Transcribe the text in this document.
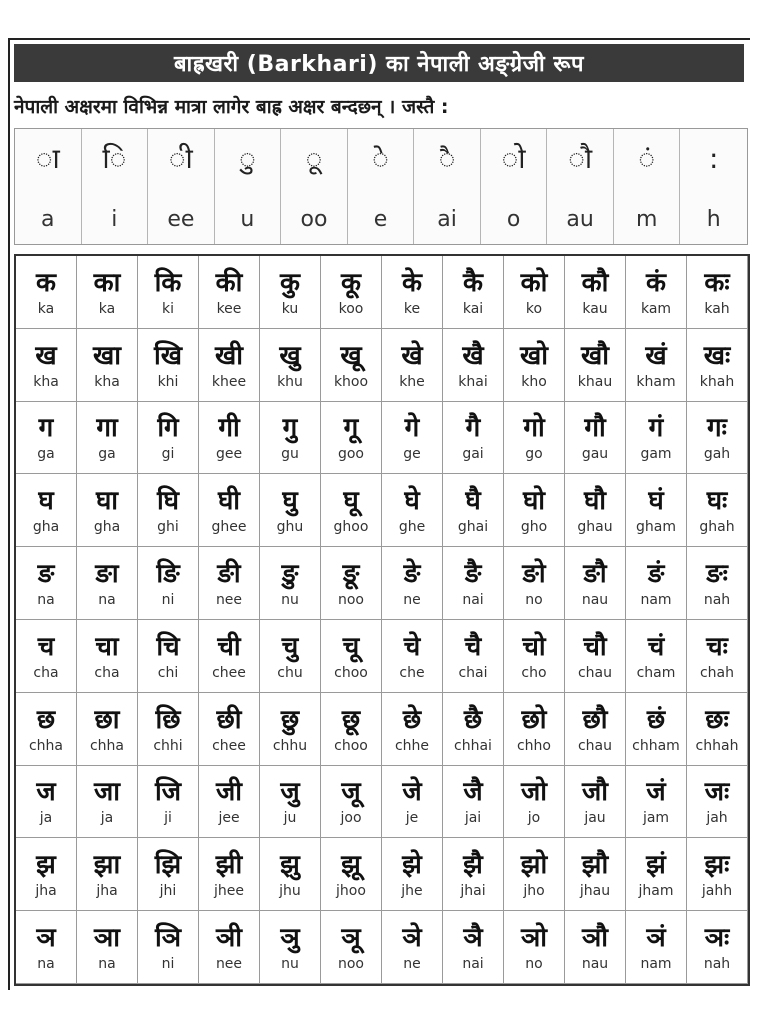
बाह्रखरी (Barkhari) का नेपाली अङ्ग्रेजी रूप
नेपाली अक्षरमा विभिन्न मात्रा लागेर बाह्र अक्षर बन्दछन् । जस्तै :
ा
a
ि
i
ी
ee
ु
u
ू
oo
े
e
ै
ai
ो
o
ौ
au
ं
m
:
h
क
ka
का
ka
कि
ki
की
kee
कु
ku
कू
koo
के
ke
कै
kai
को
ko
कौ
kau
कं
kam
कः
kah
ख
kha
खा
kha
खि
khi
खी
khee
खु
khu
खू
khoo
खे
khe
खै
khai
खो
kho
खौ
khau
खं
kham
खः
khah
ग
ga
गा
ga
गि
gi
गी
gee
गु
gu
गू
goo
गे
ge
गै
gai
गो
go
गौ
gau
गं
gam
गः
gah
घ
gha
घा
gha
घि
ghi
घी
ghee
घु
ghu
घू
ghoo
घे
ghe
घै
ghai
घो
gho
घौ
ghau
घं
gham
घः
ghah
ङ
na
ङा
na
ङि
ni
ङी
nee
ङु
nu
ङू
noo
ङे
ne
ङै
nai
ङो
no
ङौ
nau
ङं
nam
ङः
nah
च
cha
चा
cha
चि
chi
ची
chee
चु
chu
चू
choo
चे
che
चै
chai
चो
cho
चौ
chau
चं
cham
चः
chah
छ
chha
छा
chha
छि
chhi
छी
chee
छु
chhu
छू
choo
छे
chhe
छै
chhai
छो
chho
छौ
chau
छं
chham
छः
chhah
ज
ja
जा
ja
जि
ji
जी
jee
जु
ju
जू
joo
जे
je
जै
jai
जो
jo
जौ
jau
जं
jam
जः
jah
झ
jha
झा
jha
झि
jhi
झी
jhee
झु
jhu
झू
jhoo
झे
jhe
झै
jhai
झो
jho
झौ
jhau
झं
jham
झः
jahh
ञ
na
ञा
na
ञि
ni
ञी
nee
ञु
nu
ञू
noo
ञे
ne
ञै
nai
ञो
no
ञौ
nau
ञं
nam
ञः
nah
